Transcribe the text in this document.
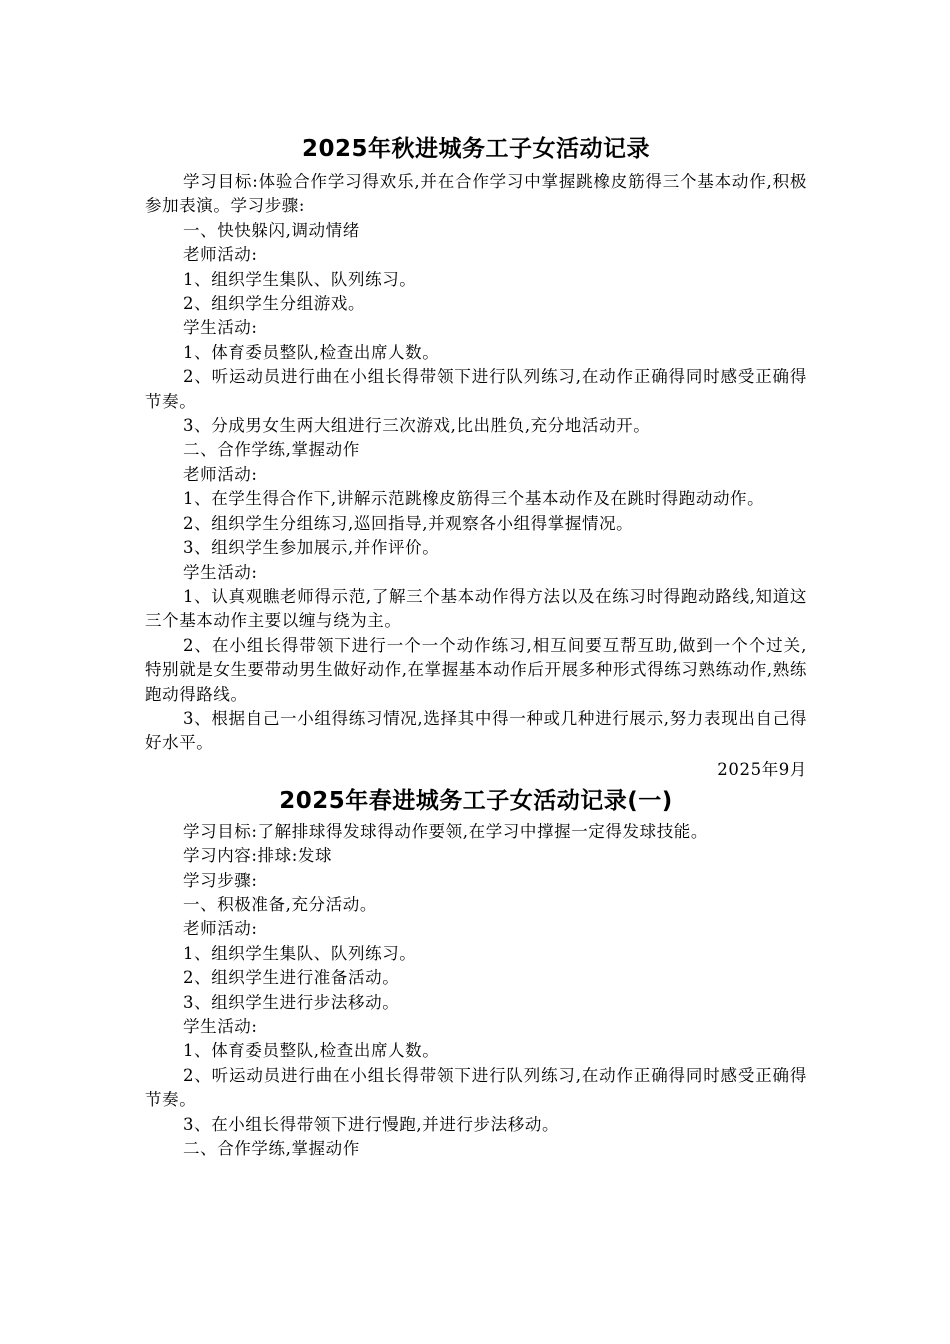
2025年秋进城务工子女活动记录

学习目标:体验合作学习得欢乐,并在合作学习中掌握跳橡皮筋得三个基本动作,积极参加表演。学习步骤:

一、快快躲闪,调动情绪

老师活动:

1、组织学生集队、队列练习。

2、组织学生分组游戏。

学生活动:

1、体育委员整队,检查出席人数。

2、听运动员进行曲在小组长得带领下进行队列练习,在动作正确得同时感受正确得节奏。

3、分成男女生两大组进行三次游戏,比出胜负,充分地活动开。

二、合作学练,掌握动作

老师活动:

1、在学生得合作下,讲解示范跳橡皮筋得三个基本动作及在跳时得跑动动作。

2、组织学生分组练习,巡回指导,并观察各小组得掌握情况。

3、组织学生参加展示,并作评价。

学生活动:

1、认真观瞧老师得示范,了解三个基本动作得方法以及在练习时得跑动路线,知道这三个基本动作主要以缠与绕为主。

2、在小组长得带领下进行一个一个动作练习,相互间要互帮互助,做到一个个过关,特别就是女生要带动男生做好动作,在掌握基本动作后开展多种形式得练习熟练动作,熟练跑动得路线。

3、根据自己一小组得练习情况,选择其中得一种或几种进行展示,努力表现出自己得好水平。

2025年9月

2025年春进城务工子女活动记录(一)

学习目标:了解排球得发球得动作要领,在学习中撑握一定得发球技能。

学习内容:排球:发球

学习步骤:

一、积极准备,充分活动。

老师活动:

1、组织学生集队、队列练习。

2、组织学生进行准备活动。

3、组织学生进行步法移动。

学生活动:

1、体育委员整队,检查出席人数。

2、听运动员进行曲在小组长得带领下进行队列练习,在动作正确得同时感受正确得节奏。

3、在小组长得带领下进行慢跑,并进行步法移动。

二、合作学练,掌握动作
